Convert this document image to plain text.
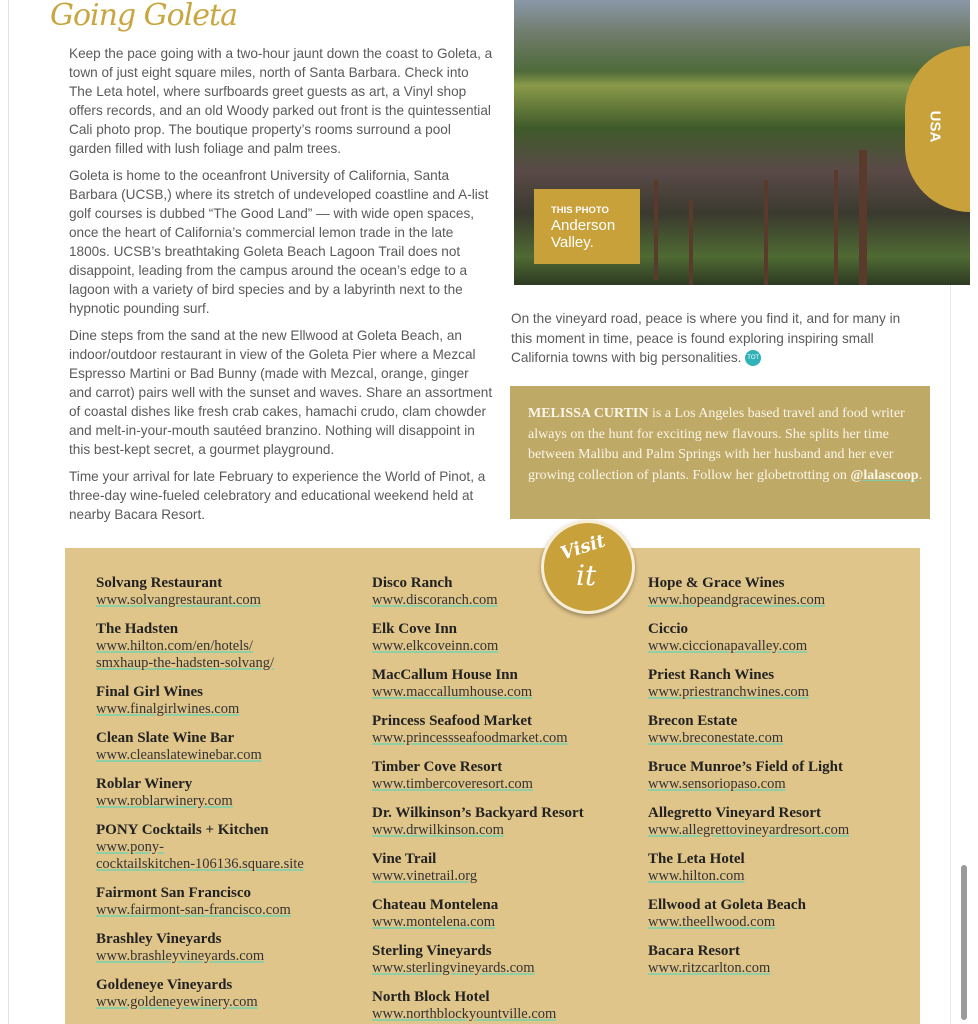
Going Goleta

Keep the pace going with a two-hour jaunt down the coast to Goleta, a town of just eight square miles, north of Santa Barbara. Check into The Leta hotel, where surfboards greet guests as art, a Vinyl shop offers records, and an old Woody parked out front is the quintessential Cali photo prop. The boutique property’s rooms surround a pool garden filled with lush foliage and palm trees.

Goleta is home to the oceanfront University of California, Santa Barbara (UCSB,) where its stretch of undeveloped coastline and A-list golf courses is dubbed “The Good Land” — with wide open spaces, once the heart of California’s commercial lemon trade in the late 1800s. UCSB’s breathtaking Goleta Beach Lagoon Trail does not disappoint, leading from the campus around the ocean’s edge to a lagoon with a variety of bird species and by a labyrinth next to the hypnotic pounding surf.

Dine steps from the sand at the new Ellwood at Goleta Beach, an indoor/outdoor restaurant in view of the Goleta Pier where a Mezcal Espresso Martini or Bad Bunny (made with Mezcal, orange, ginger and carrot) pairs well with the sunset and waves. Share an assortment of coastal dishes like fresh crab cakes, hamachi crudo, clam chowder and melt-in-your-mouth sautéed branzino. Nothing will disappoint in this best-kept secret, a gourmet playground.

Time your arrival for late February to experience the World of Pinot, a three-day wine-fueled celebratory and educational weekend held at nearby Bacara Resort.

THIS PHOTO
Anderson Valley.
USA
On the vineyard road, peace is where you find it, and for many in this moment in time, peace is found exploring inspiring small California towns with big personalities. TOT

MELISSA CURTIN is a Los Angeles based travel and food writer always on the hunt for exciting new flavours. She splits her time between Malibu and Palm Springs with her husband and her ever growing collection of plants. Follow her globetrotting on @lalascoop.

Visit
it
Solvang Restaurant
www.solvangrestaurant.com
The Hadsten
www.hilton.com/en/hotels/
smxhaup-the-hadsten-solvang/
Final Girl Wines
www.finalgirlwines.com
Clean Slate Wine Bar
www.cleanslatewinebar.com
Roblar Winery
www.roblarwinery.com
PONY Cocktails + Kitchen
www.pony-
cocktailskitchen-106136.square.site
Fairmont San Francisco
www.fairmont-san-francisco.com
Brashley Vineyards
www.brashleyvineyards.com
Goldeneye Vineyards
www.goldeneyewinery.com
Disco Ranch
www.discoranch.com
Elk Cove Inn
www.elkcoveinn.com
MacCallum House Inn
www.maccallumhouse.com
Princess Seafood Market
www.princessseafoodmarket.com
Timber Cove Resort
www.timbercoveresort.com
Dr. Wilkinson’s Backyard Resort
www.drwilkinson.com
Vine Trail
www.vinetrail.org
Chateau Montelena
www.montelena.com
Sterling Vineyards
www.sterlingvineyards.com
North Block Hotel
www.northblockyountville.com
Hope & Grace Wines
www.hopeandgracewines.com
Ciccio
www.ciccionapavalley.com
Priest Ranch Wines
www.priestranchwines.com
Brecon Estate
www.breconestate.com
Bruce Munroe’s Field of Light
www.sensoriopaso.com
Allegretto Vineyard Resort
www.allegrettovineyardresort.com
The Leta Hotel
www.hilton.com
Ellwood at Goleta Beach
www.theellwood.com
Bacara Resort
www.ritzcarlton.com
